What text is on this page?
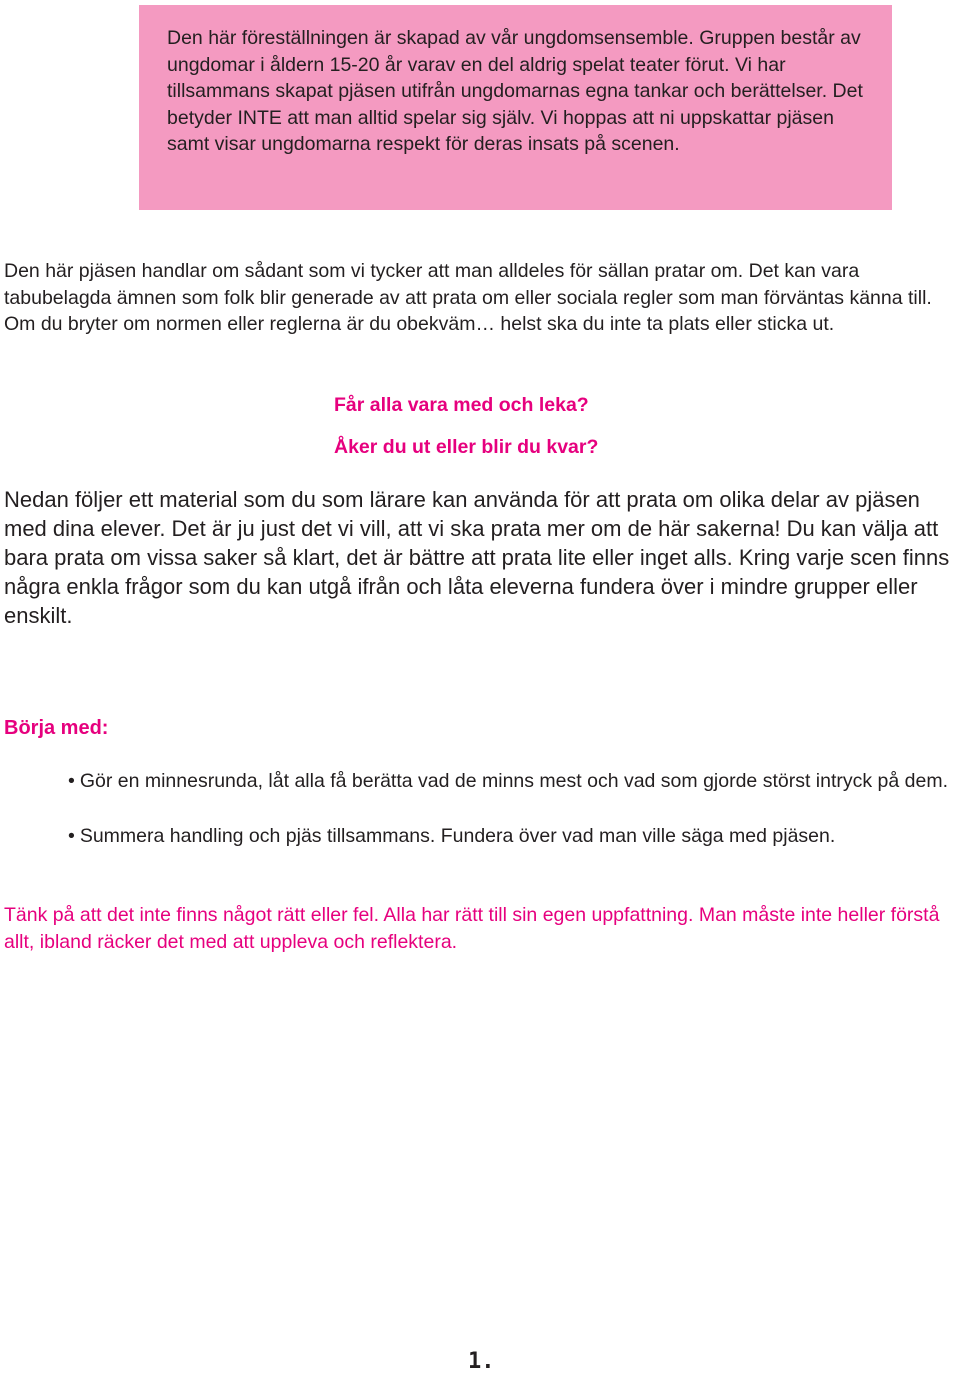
Den här föreställningen är skapad av vår ungdomsensemble. Gruppen består av ungdomar i åldern 15-20 år varav en del aldrig spelat teater förut. Vi har tillsammans skapat pjäsen utifrån ungdomarnas egna tankar och berättelser. Det betyder INTE att man alltid spelar sig själv. Vi hoppas att ni uppskattar pjäsen samt visar ungdomarna respekt för deras insats på scenen.

Den här pjäsen handlar om sådant som vi tycker att man alldeles för sällan pratar om. Det kan vara tabubelagda ämnen som folk blir generade av att prata om eller sociala regler som man förväntas känna till. Om du bryter om normen eller reglerna är du obekväm… helst ska du inte ta plats eller sticka ut.

Får alla vara med och leka?

Åker du ut eller blir du kvar?

Nedan följer ett material som du som lärare kan använda för att prata om olika delar av pjäsen med dina elever. Det är ju just det vi vill, att vi ska prata mer om de här sakerna! Du kan välja att bara prata om vissa saker så klart, det är bättre att prata lite eller inget alls. Kring varje scen finns några enkla frågor som du kan utgå ifrån och låta eleverna fundera över i mindre grupper eller enskilt.

Börja med:
• Gör en minnesrunda, låt alla få berätta vad de minns mest och vad som gjorde störst intryck på dem.
• Summera handling och pjäs tillsammans. Fundera över vad man ville säga med pjäsen.

Tänk på att det inte finns något rätt eller fel. Alla har rätt till sin egen uppfattning. Man måste inte heller förstå allt, ibland räcker det med att uppleva och reflektera.

1.
